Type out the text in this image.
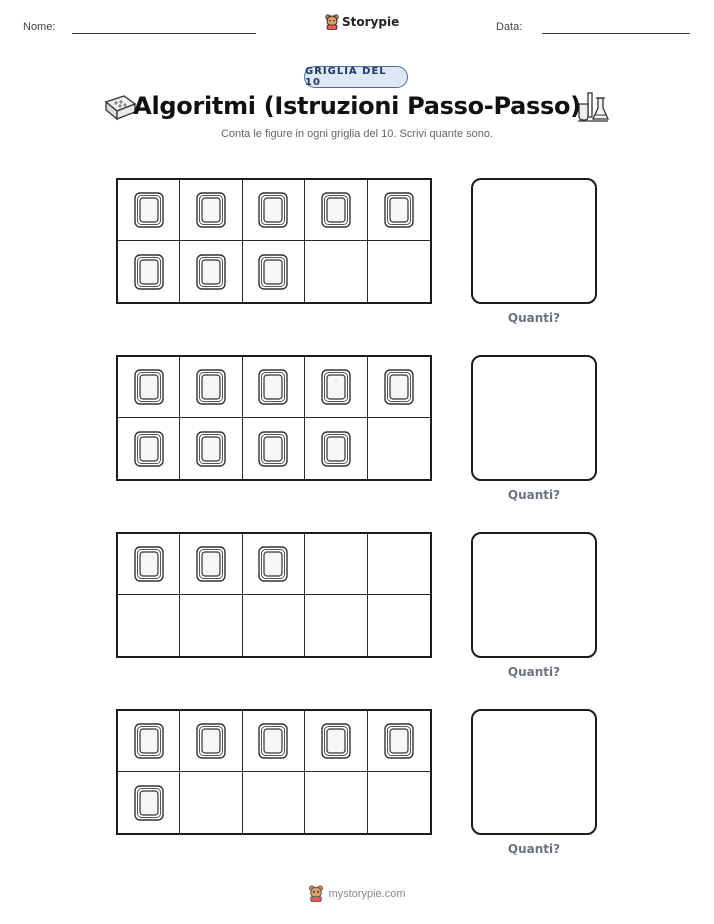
Nome:	Storypie	Data:
GRIGLIA DEL 10
Algoritmi (Istruzioni Passo-Passo)
Conta le figure in ogni griglia del 10. Scrivi quante sono.
Quanti?
Quanti?
Quanti?
Quanti?
mystorypie.com
